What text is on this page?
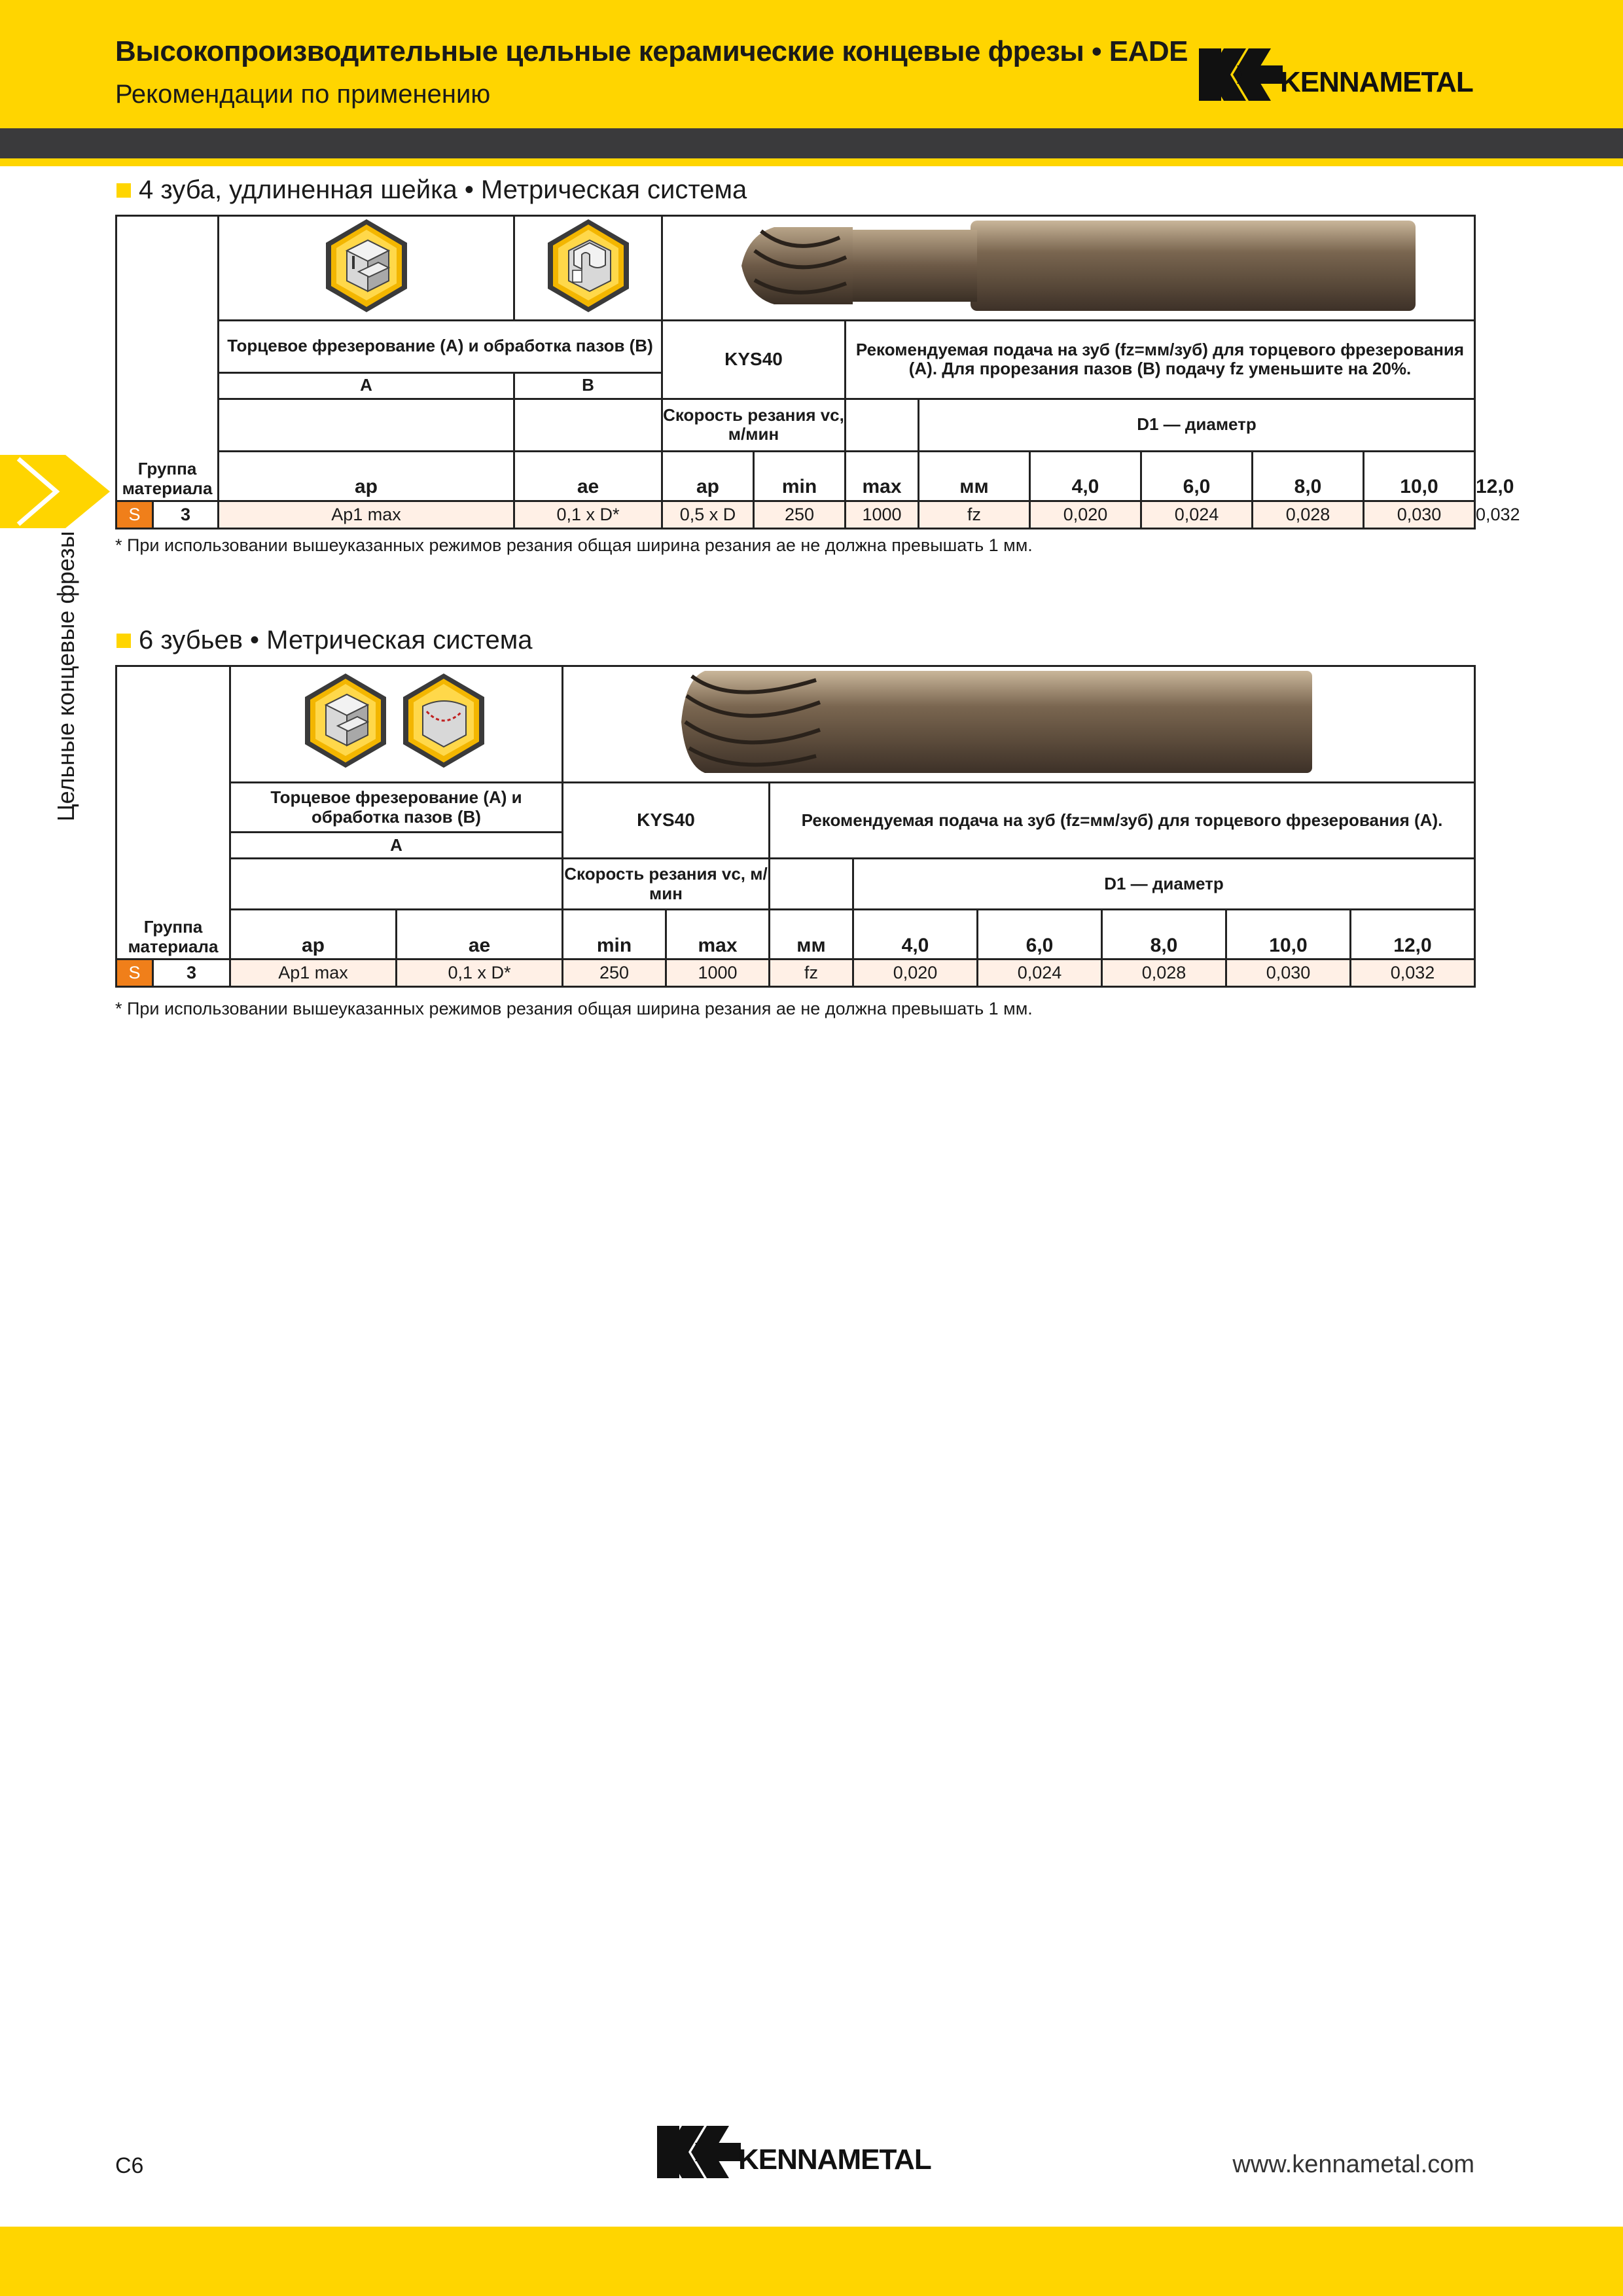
Высокопроизводительные цельные керамические концевые фрезы • EADE
Рекомендации по применению	KENNAMETAL
Цельные концевые фрезы
4 зуба, удлиненная шейка • Метрическая система

		Торцевое фрезерование (A) и обработка пазов (B)		KYS40		Рекомендуемая подача на зуб (fz=мм/зуб) для торцевого фрезерования (A). Для прорезания пазов (B) подачу fz уменьшите на 20%.						
		A	B									
				Скорость резания vc, м/мин			D1 — диаметр					
Группа материала		ap	ae	ap	min	max	мм	4,0	6,0	8,0	10,0	12,0
S	3	Ap1 max	0,1 x D*	0,5 x D	250	1000	fz	0,020	0,024	0,028	0,030	0,032
* При использовании вышеуказанных режимов резания общая ширина резания ae не должна превышать 1 мм.
6 зубьев • Метрическая система

		Торцевое фрезерование (A) и обработка пазов (B)		KYS40		Рекомендуемая подача на зуб (fz=мм/зуб) для торцевого фрезерования (A).					
		A									
				Скорость резания vc, м/мин			D1 — диаметр				
Группа материала		ap	ae	min	max	мм	4,0	6,0	8,0	10,0	12,0
S	3	Ap1 max	0,1 x D*	250	1000	fz	0,020	0,024	0,028	0,030	0,032
* При использовании вышеуказанных режимов резания общая ширина резания ae не должна превышать 1 мм.
C6	KENNAMETAL	www.kennametal.com
